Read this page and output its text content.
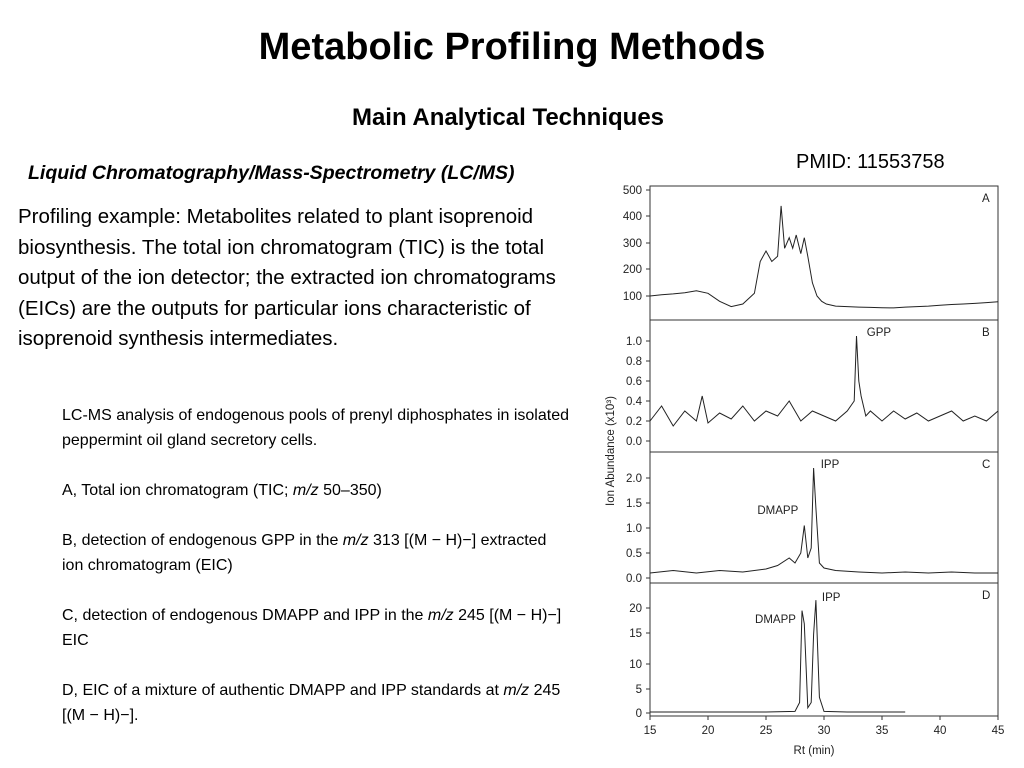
Metabolic Profiling Methods
Main Analytical Techniques
Liquid Chromatography/Mass-Spectrometry (LC/MS)	PMID: 11553758
Profiling example: Metabolites related to plant isoprenoid biosynthesis. The total ion chromatogram (TIC) is the total output of the ion detector; the extracted ion chromatograms (EICs) are the outputs for particular ions characteristic of isoprenoid synthesis intermediates.

LC-MS analysis of endogenous pools of prenyl diphosphates in isolated peppermint oil gland secretory cells.

A, Total ion chromatogram (TIC; m/z 50–350)

B, detection of endogenous GPP in the m/z 313 [(M − H)−] extracted ion chromatogram (EIC)

C, detection of endogenous DMAPP and IPP in the m/z 245 [(M − H)−] EIC

D, EIC of a mixture of authentic DMAPP and IPP standards at m/z 245 [(M − H)−].

100
200
300
400
500
A
0.0
0.2
0.4
0.6
0.8
1.0
B
GPP
0.0
0.5
1.0
1.5
2.0
C
IPP
DMAPP
0
5
10
15
20
D
IPP
DMAPP
15	20	25	30	35	40	45
Rt (min)
Ion Abundance (x10³)
